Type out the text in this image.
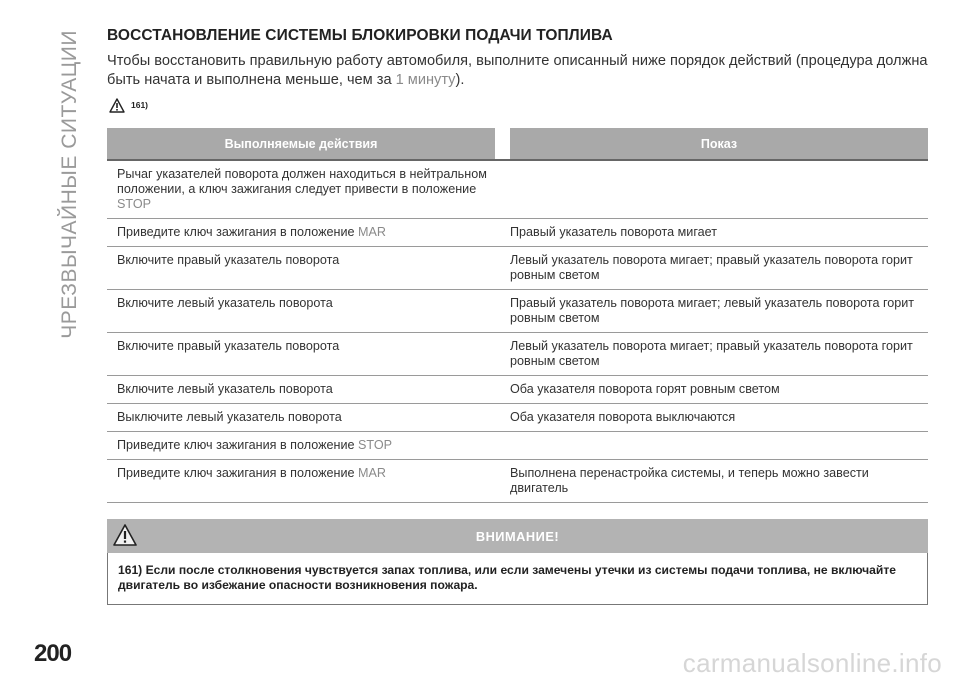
ЧРЕЗВЫЧАЙНЫЕ СИТУАЦИИ ВОССТАНОВЛЕНИЕ СИСТЕМЫ БЛОКИРОВКИ ПОДАЧИ ТОПЛИВА

Чтобы восстановить правильную работу автомобиля, выполните описанный ниже порядок действий (процедура должна быть начата и выполнена меньше, чем за 1 минуту).

161)
Выполняемые действия	Показ
Рычаг указателей поворота должен находиться в нейтральном положении, а ключ зажигания следует привести в положение STOP
Приведите ключ зажигания в положение MAR	Правый указатель поворота мигает
Включите правый указатель поворота	Левый указатель поворота мигает; правый указатель поворота горит ровным светом
Включите левый указатель поворота	Правый указатель поворота мигает; левый указатель поворота горит ровным светом
Включите правый указатель поворота	Левый указатель поворота мигает; правый указатель поворота горит ровным светом
Включите левый указатель поворота	Оба указателя поворота горят ровным светом
Выключите левый указатель поворота	Оба указателя поворота выключаются
Приведите ключ зажигания в положение STOP
Приведите ключ зажигания в положение MAR	Выполнена перенастройка системы, и теперь можно завести двигатель
ВНИМАНИЕ!
161) Если после столкновения чувствуется запах топлива, или если замечены утечки из системы подачи топлива, не включайте двигатель во избежание опасности возникновения пожара.
200	carmanualsonline.info
